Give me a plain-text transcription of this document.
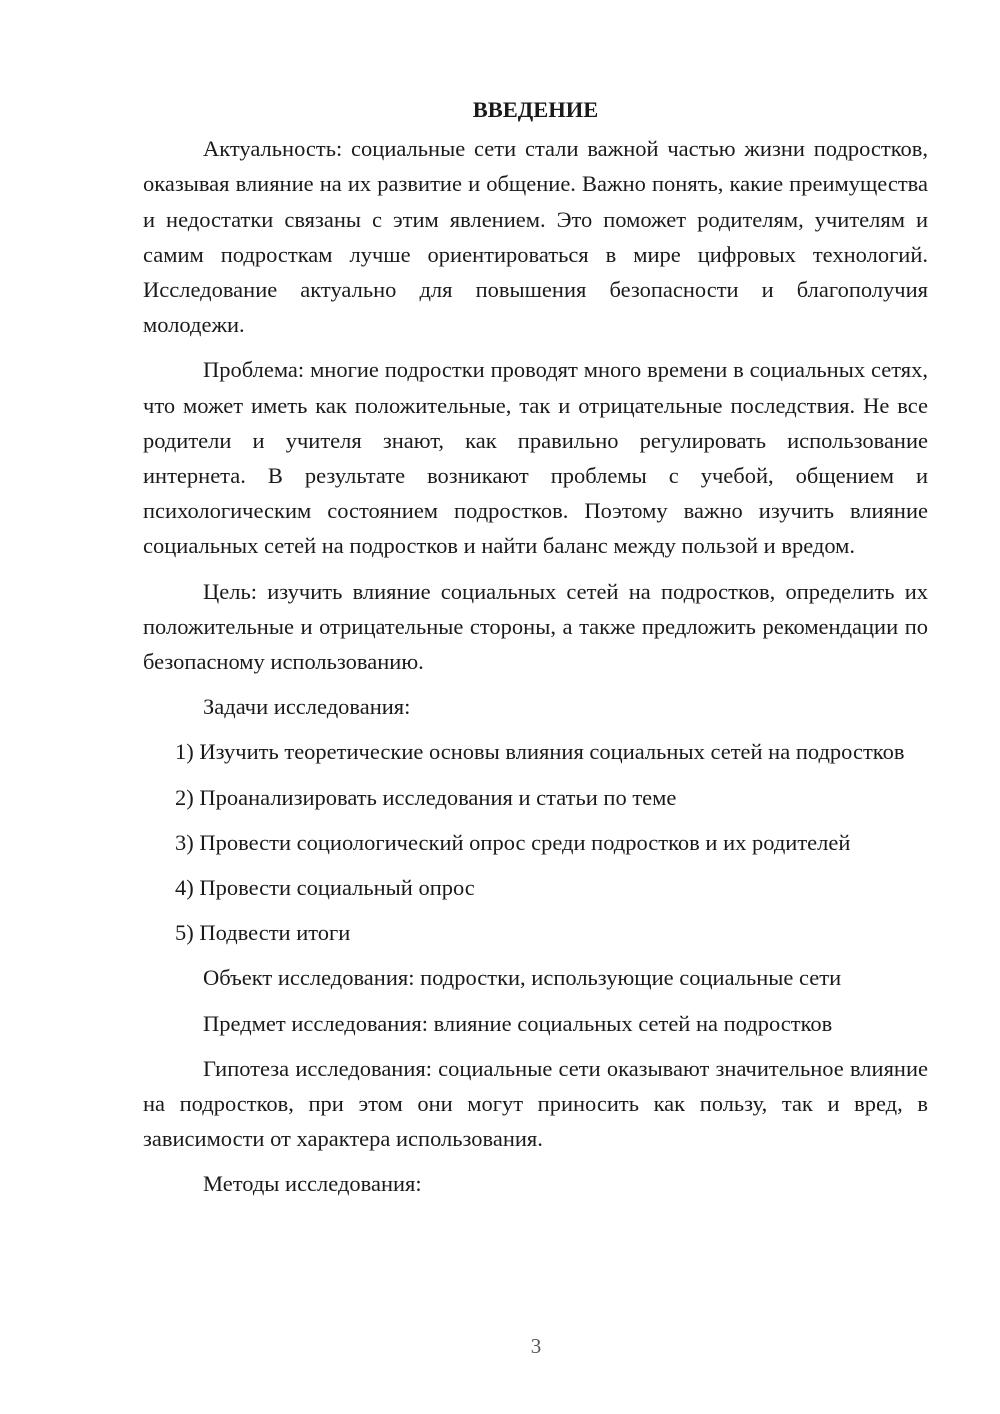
ВВЕДЕНИЕ

Актуальность: социальные сети стали важной частью жизни подростков, оказывая влияние на их развитие и общение. Важно понять, какие преимущества и недостатки связаны с этим явлением. Это поможет родителям, учителям и самим подросткам лучше ориентироваться в мире цифровых технологий. Исследование актуально для повышения безопасности и благополучия молодежи.

Проблема: многие подростки проводят много времени в социальных сетях, что может иметь как положительные, так и отрицательные последствия. Не все родители и учителя знают, как правильно регулировать использование интернета. В результате возникают проблемы с учебой, общением и психологическим состоянием подростков. Поэтому важно изучить влияние социальных сетей на подростков и найти баланс между пользой и вредом.

Цель: изучить влияние социальных сетей на подростков, определить их положительные и отрицательные стороны, а также предложить рекомендации по безопасному использованию.

Задачи исследования:

1) Изучить теоретические основы влияния социальных сетей на подростков

2) Проанализировать исследования и статьи по теме

3) Провести социологический опрос среди подростков и их родителей

4) Провести социальный опрос

5) Подвести итоги

Объект исследования: подростки, использующие социальные сети

Предмет исследования: влияние социальных сетей на подростков

Гипотеза исследования: социальные сети оказывают значительное влияние на подростков, при этом они могут приносить как пользу, так и вред, в зависимости от характера использования.

Методы исследования:

3
